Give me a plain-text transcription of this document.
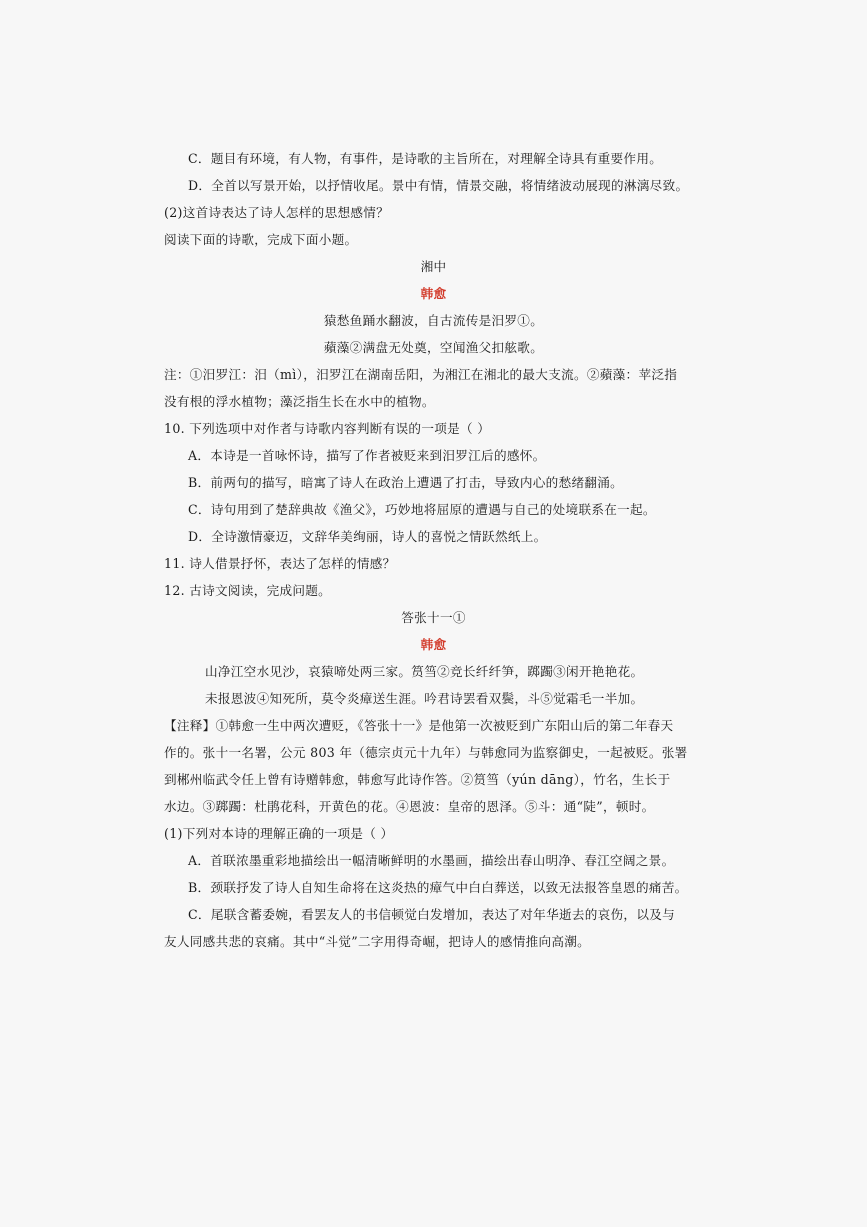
C．题目有环境，有人物，有事件，是诗歌的主旨所在，对理解全诗具有重要作用。
D．全首以写景开始，以抒情收尾。景中有情，情景交融，将情绪波动展现的淋漓尽致。
(2)这首诗表达了诗人怎样的思想感情？
阅读下面的诗歌，完成下面小题。
湘中
韩愈
猿愁鱼踊水翻波，自古流传是汨罗①。
蘋藻②满盘无处奠，空闻渔父扣舷歌。
注：①汨罗江：汨（mì），汨罗江在湖南岳阳，为湘江在湘北的最大支流。②蘋藻：苹泛指
没有根的浮水植物；藻泛指生长在水中的植物。
10. 下列选项中对作者与诗歌内容判断有误的一项是（ ）
A．本诗是一首咏怀诗，描写了作者被贬来到汨罗江后的感怀。
B．前两句的描写，暗寓了诗人在政治上遭遇了打击，导致内心的愁绪翻涌。
C．诗句用到了楚辞典故《渔父》，巧妙地将屈原的遭遇与自己的处境联系在一起。
D．全诗激情豪迈，文辞华美绚丽，诗人的喜悦之情跃然纸上。
11. 诗人借景抒怀，表达了怎样的情感？
12. 古诗文阅读，完成问题。
答张十一①
韩愈
山净江空水见沙，哀猿啼处两三家。筼筜②竞长纤纤笋，踯躅③闲开艳艳花。
未报恩波④知死所，莫令炎瘴送生涯。吟君诗罢看双鬓，斗⑤觉霜毛一半加。
【注释】①韩愈一生中两次遭贬，《答张十一》是他第一次被贬到广东阳山后的第二年春天
作的。张十一名署，公元 803 年（德宗贞元十九年）与韩愈同为监察御史，一起被贬。张署
到郴州临武令任上曾有诗赠韩愈，韩愈写此诗作答。②筼筜（yún dāng），竹名，生长于
水边。③踯躅：杜鹃花科，开黄色的花。④恩波：皇帝的恩泽。⑤斗：通“陡”，顿时。
(1)下列对本诗的理解正确的一项是（ ）
A．首联浓墨重彩地描绘出一幅清晰鲜明的水墨画，描绘出春山明净、春江空阔之景。
B．颈联抒发了诗人自知生命将在这炎热的瘴气中白白葬送，以致无法报答皇恩的痛苦。
C．尾联含蓄委婉，看罢友人的书信顿觉白发增加，表达了对年华逝去的哀伤，以及与
友人同感共悲的哀痛。其中“斗觉”二字用得奇崛，把诗人的感情推向高潮。
